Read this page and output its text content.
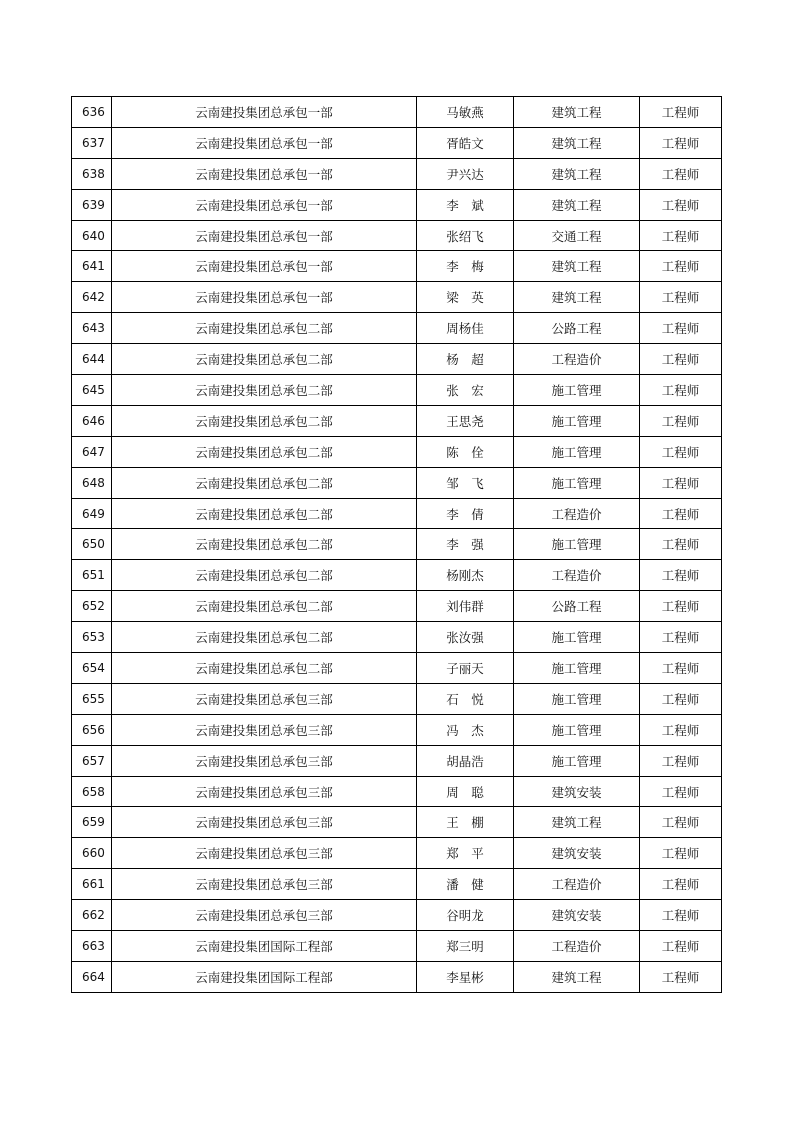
636	云南建投集团总承包一部	马敏燕	建筑工程	工程师
637	云南建投集团总承包一部	胥皓文	建筑工程	工程师
638	云南建投集团总承包一部	尹兴达	建筑工程	工程师
639	云南建投集团总承包一部	李　斌	建筑工程	工程师
640	云南建投集团总承包一部	张绍飞	交通工程	工程师
641	云南建投集团总承包一部	李　梅	建筑工程	工程师
642	云南建投集团总承包一部	梁　英	建筑工程	工程师
643	云南建投集团总承包二部	周杨佳	公路工程	工程师
644	云南建投集团总承包二部	杨　超	工程造价	工程师
645	云南建投集团总承包二部	张　宏	施工管理	工程师
646	云南建投集团总承包二部	王思尧	施工管理	工程师
647	云南建投集团总承包二部	陈　佺	施工管理	工程师
648	云南建投集团总承包二部	邹　飞	施工管理	工程师
649	云南建投集团总承包二部	李　倩	工程造价	工程师
650	云南建投集团总承包二部	李　强	施工管理	工程师
651	云南建投集团总承包二部	杨刚杰	工程造价	工程师
652	云南建投集团总承包二部	刘伟群	公路工程	工程师
653	云南建投集团总承包二部	张汝强	施工管理	工程师
654	云南建投集团总承包二部	子丽天	施工管理	工程师
655	云南建投集团总承包三部	石　悦	施工管理	工程师
656	云南建投集团总承包三部	冯　杰	施工管理	工程师
657	云南建投集团总承包三部	胡晶浩	施工管理	工程师
658	云南建投集团总承包三部	周　聪	建筑安装	工程师
659	云南建投集团总承包三部	王　棚	建筑工程	工程师
660	云南建投集团总承包三部	郑　平	建筑安装	工程师
661	云南建投集团总承包三部	潘　健	工程造价	工程师
662	云南建投集团总承包三部	谷明龙	建筑安装	工程师
663	云南建投集团国际工程部	郑三明	工程造价	工程师
664	云南建投集团国际工程部	李星彬	建筑工程	工程师
